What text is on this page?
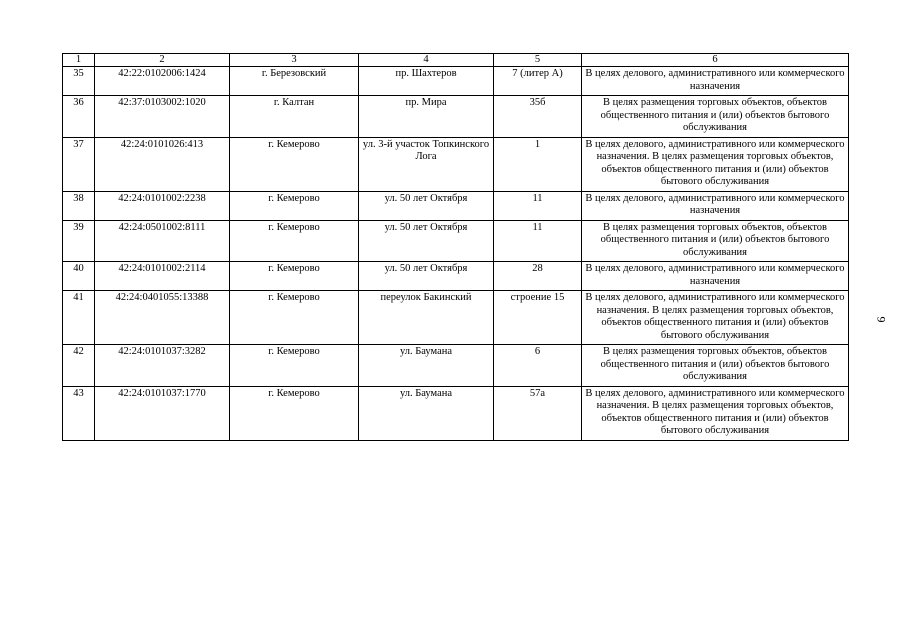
1	2	3	4	5	6
35	42:22:0102006:1424	г. Березовский	пр. Шахтеров	7 (литер А)	В целях делового, административного или коммерческого назначения
36	42:37:0103002:1020	г. Калтан	пр. Мира	35б	В целях размещения торговых объектов, объектов общественного питания и (или) объектов бытового обслуживания
37	42:24:0101026:413	г. Кемерово	ул. 3-й участок Топкинского Лога	1	В целях делового, административного или коммерческого назначения. В целях размещения торговых объектов, объектов общественного питания и (или) объектов бытового обслуживания
38	42:24:0101002:2238	г. Кемерово	ул. 50 лет Октября	11	В целях делового, административного или коммерческого назначения
39	42:24:0501002:8111	г. Кемерово	ул. 50 лет Октября	11	В целях размещения торговых объектов, объектов общественного питания и (или) объектов бытового обслуживания
40	42:24:0101002:2114	г. Кемерово	ул. 50 лет Октября	28	В целях делового, административного или коммерческого назначения
41	42:24:0401055:13388	г. Кемерово	переулок Бакинский	строение 15	В целях делового, административного или коммерческого назначения. В целях размещения торговых объектов, объектов общественного питания и (или) объектов бытового обслуживания
42	42:24:0101037:3282	г. Кемерово	ул. Баумана	6	В целях размещения торговых объектов, объектов общественного питания и (или) объектов бытового обслуживания
43	42:24:0101037:1770	г. Кемерово	ул. Баумана	57а	В целях делового, административного или коммерческого назначения. В целях размещения торговых объектов, объектов общественного питания и (или) объектов бытового обслуживания
9
